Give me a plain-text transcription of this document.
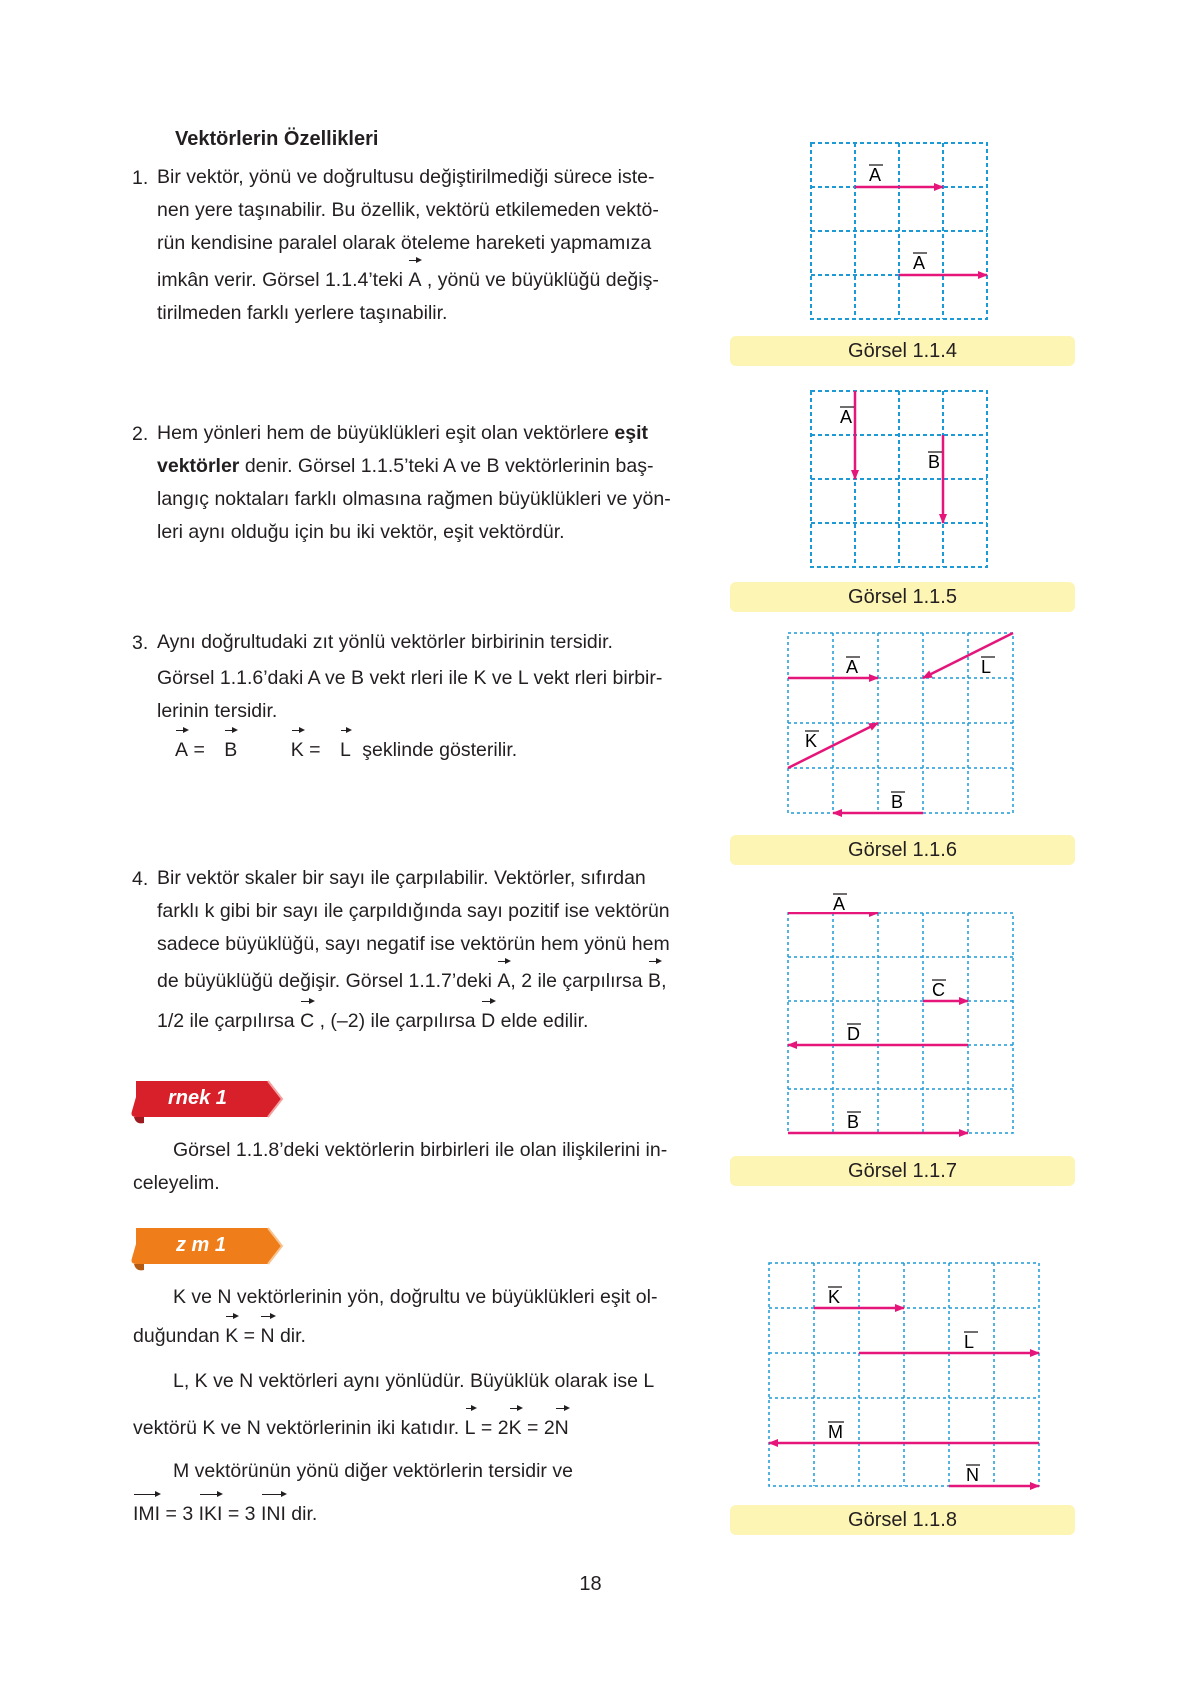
Vektörlerin Özellikleri
1. Bir vektör, yönü ve doğrultusu değiştirilmediği sürece iste-
nen yere taşınabilir. Bu özellik, vektörü etkilemeden vektö-
rün kendisine paralel olarak öteleme hareketi yapmamıza
imkân verir. Görsel 1.1.4’teki A , yönü ve büyüklüğü değiş-
tirilmeden farklı yerlere taşınabilir.
2. Hem yönleri hem de büyüklükleri eşit olan vektörlere eşit
vektörler denir. Görsel 1.1.5’teki A ve B vektörlerinin baş-
langıç noktaları farklı olmasına rağmen büyüklükleri ve yön-
leri aynı olduğu için bu iki vektör, eşit vektördür.
3. Aynı doğrultudaki zıt yönlü vektörler birbirinin tersidir.
Görsel 1.1.6’daki A ve B vekt rleri ile K ve L vekt rleri birbir-
lerinin tersidir.
A = B	K = L şeklinde gösterilir.
4. Bir vektör skaler bir sayı ile çarpılabilir. Vektörler, sıfırdan
farklı k gibi bir sayı ile çarpıldığında sayı pozitif ise vektörün
sadece büyüklüğü, sayı negatif ise vektörün hem yönü hem
de büyüklüğü değişir. Görsel 1.1.7’deki A, 2 ile çarpılırsa B,
1/2 ile çarpılırsa C , (–2) ile çarpılırsa D elde edilir.
rnek 1
Görsel 1.1.8’deki vektörlerin birbirleri ile olan ilişkilerini in-
celeyelim.
z m 1
K ve N vektörlerinin yön, doğrultu ve büyüklükleri eşit ol-
duğundan K = N dir.
L, K ve N vektörleri aynı yönlüdür. Büyüklük olarak ise L
vektörü K ve N vektörlerinin iki katıdır. L = 2K = 2N
M vektörünün yönü diğer vektörlerin tersidir ve
IMI = 3 IKI = 3 INI dir.
A
A
Görsel 1.1.4
A
B
Görsel 1.1.5
A	L
K
B
Görsel 1.1.6
C
D
B
A
Görsel 1.1.7
K
L
M
N
Görsel 1.1.8
18
